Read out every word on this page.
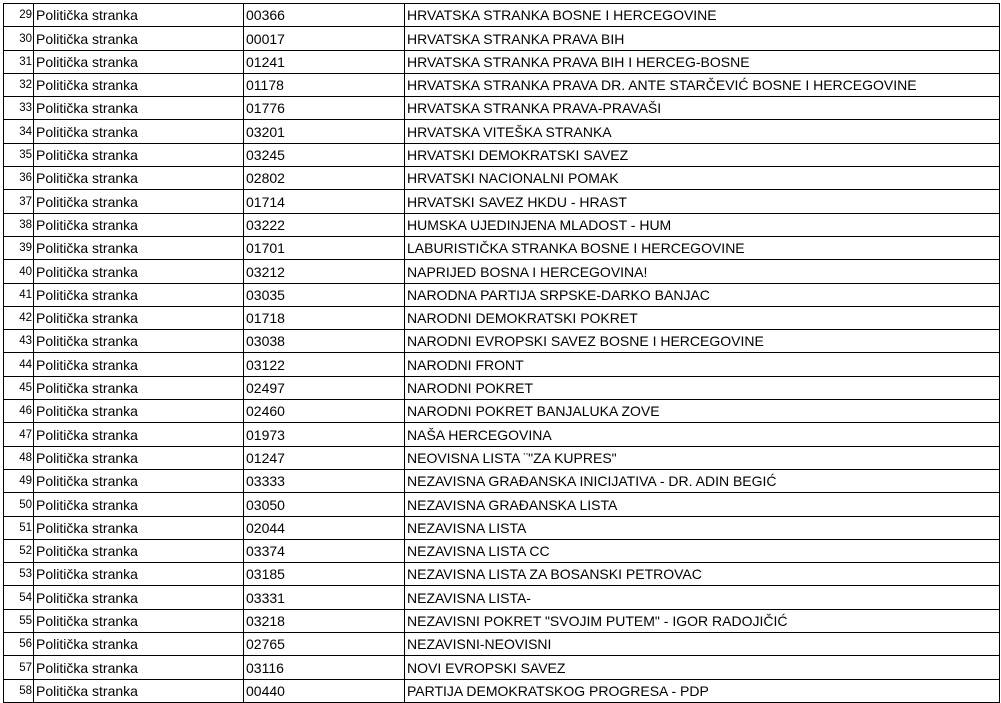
29	Politička stranka	00366	HRVATSKA STRANKA BOSNE I HERCEGOVINE
30	Politička stranka	00017	HRVATSKA STRANKA PRAVA BIH
31	Politička stranka	01241	HRVATSKA STRANKA PRAVA BIH I HERCEG-BOSNE
32	Politička stranka	01178	HRVATSKA STRANKA PRAVA DR. ANTE STARČEVIĆ BOSNE I HERCEGOVINE
33	Politička stranka	01776	HRVATSKA STRANKA PRAVA-PRAVAŠI
34	Politička stranka	03201	HRVATSKA VITEŠKA STRANKA
35	Politička stranka	03245	HRVATSKI DEMOKRATSKI SAVEZ
36	Politička stranka	02802	HRVATSKI NACIONALNI POMAK
37	Politička stranka	01714	HRVATSKI SAVEZ HKDU - HRAST
38	Politička stranka	03222	HUMSKA UJEDINJENA MLADOST - HUM
39	Politička stranka	01701	LABURISTIČKA STRANKA BOSNE I HERCEGOVINE
40	Politička stranka	03212	NAPRIJED BOSNA I HERCEGOVINA!
41	Politička stranka	03035	NARODNA PARTIJA SRPSKE-DARKO BANJAC
42	Politička stranka	01718	NARODNI DEMOKRATSKI POKRET
43	Politička stranka	03038	NARODNI EVROPSKI SAVEZ BOSNE I HERCEGOVINE
44	Politička stranka	03122	NARODNI FRONT
45	Politička stranka	02497	NARODNI POKRET
46	Politička stranka	02460	NARODNI POKRET BANJALUKA ZOVE
47	Politička stranka	01973	NAŠA HERCEGOVINA
48	Politička stranka	01247	NEOVISNA LISTA ¨"ZA KUPRES"
49	Politička stranka	03333	NEZAVISNA GRAĐANSKA INICIJATIVA - DR. ADIN BEGIĆ
50	Politička stranka	03050	NEZAVISNA GRAĐANSKA LISTA
51	Politička stranka	02044	NEZAVISNA LISTA
52	Politička stranka	03374	NEZAVISNA LISTA CC
53	Politička stranka	03185	NEZAVISNA LISTA ZA BOSANSKI PETROVAC
54	Politička stranka	03331	NEZAVISNA LISTA-
55	Politička stranka	03218	NEZAVISNI POKRET "SVOJIM PUTEM" - IGOR RADOJIČIĆ
56	Politička stranka	02765	NEZAVISNI-NEOVISNI
57	Politička stranka	03116	NOVI EVROPSKI SAVEZ
58	Politička stranka	00440	PARTIJA DEMOKRATSKOG PROGRESA - PDP
